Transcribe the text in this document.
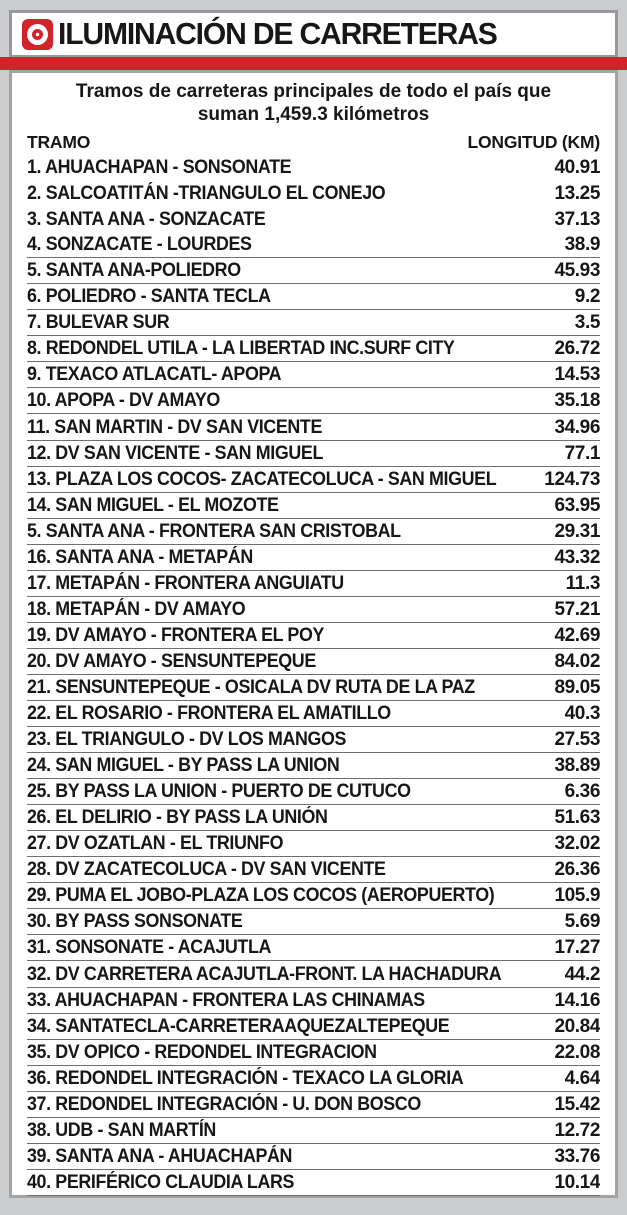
ILUMINACIÓN DE CARRETERAS
Tramos de carreteras principales de todo el país que
suman 1,459.3 kilómetros
TRAMO	LONGITUD (KM)
1. AHUACHAPAN - SONSONATE	40.91
2. SALCOATITÁN -TRIANGULO EL CONEJO	13.25
3. SANTA ANA - SONZACATE	37.13
4. SONZACATE - LOURDES	38.9
5. SANTA ANA-POLIEDRO	45.93
6. POLIEDRO - SANTA TECLA	9.2
7. BULEVAR SUR	3.5
8. REDONDEL UTILA - LA LIBERTAD INC.SURF CITY	26.72
9. TEXACO ATLACATL- APOPA	14.53
10. APOPA - DV AMAYO	35.18
11. SAN MARTIN - DV SAN VICENTE	34.96
12. DV SAN VICENTE - SAN MIGUEL	77.1
13. PLAZA LOS COCOS- ZACATECOLUCA - SAN MIGUEL	124.73
14. SAN MIGUEL - EL MOZOTE	63.95
5. SANTA ANA - FRONTERA SAN CRISTOBAL	29.31
16. SANTA ANA - METAPÁN	43.32
17. METAPÁN - FRONTERA ANGUIATU	11.3
18. METAPÁN - DV AMAYO	57.21
19. DV AMAYO - FRONTERA EL POY	42.69
20. DV AMAYO - SENSUNTEPEQUE	84.02
21. SENSUNTEPEQUE - OSICALA DV RUTA DE LA PAZ	89.05
22. EL ROSARIO - FRONTERA EL AMATILLO	40.3
23. EL TRIANGULO - DV LOS MANGOS	27.53
24. SAN MIGUEL - BY PASS LA UNION	38.89
25. BY PASS LA UNION - PUERTO DE CUTUCO	6.36
26. EL DELIRIO - BY PASS LA UNIÓN	51.63
27. DV OZATLAN - EL TRIUNFO	32.02
28. DV ZACATECOLUCA - DV SAN VICENTE	26.36
29. PUMA EL JOBO-PLAZA LOS COCOS (AEROPUERTO)	105.9
30. BY PASS SONSONATE	5.69
31. SONSONATE - ACAJUTLA	17.27
32. DV CARRETERA ACAJUTLA-FRONT. LA HACHADURA	44.2
33. AHUACHAPAN - FRONTERA LAS CHINAMAS	14.16
34. SANTATECLA-CARRETERAAQUEZALTEPEQUE	20.84
35. DV OPICO - REDONDEL INTEGRACION	22.08
36. REDONDEL INTEGRACIÓN - TEXACO LA GLORIA	4.64
37. REDONDEL INTEGRACIÓN - U. DON BOSCO	15.42
38. UDB - SAN MARTÍN	12.72
39. SANTA ANA - AHUACHAPÁN	33.76
40. PERIFÉRICO CLAUDIA LARS	10.14
